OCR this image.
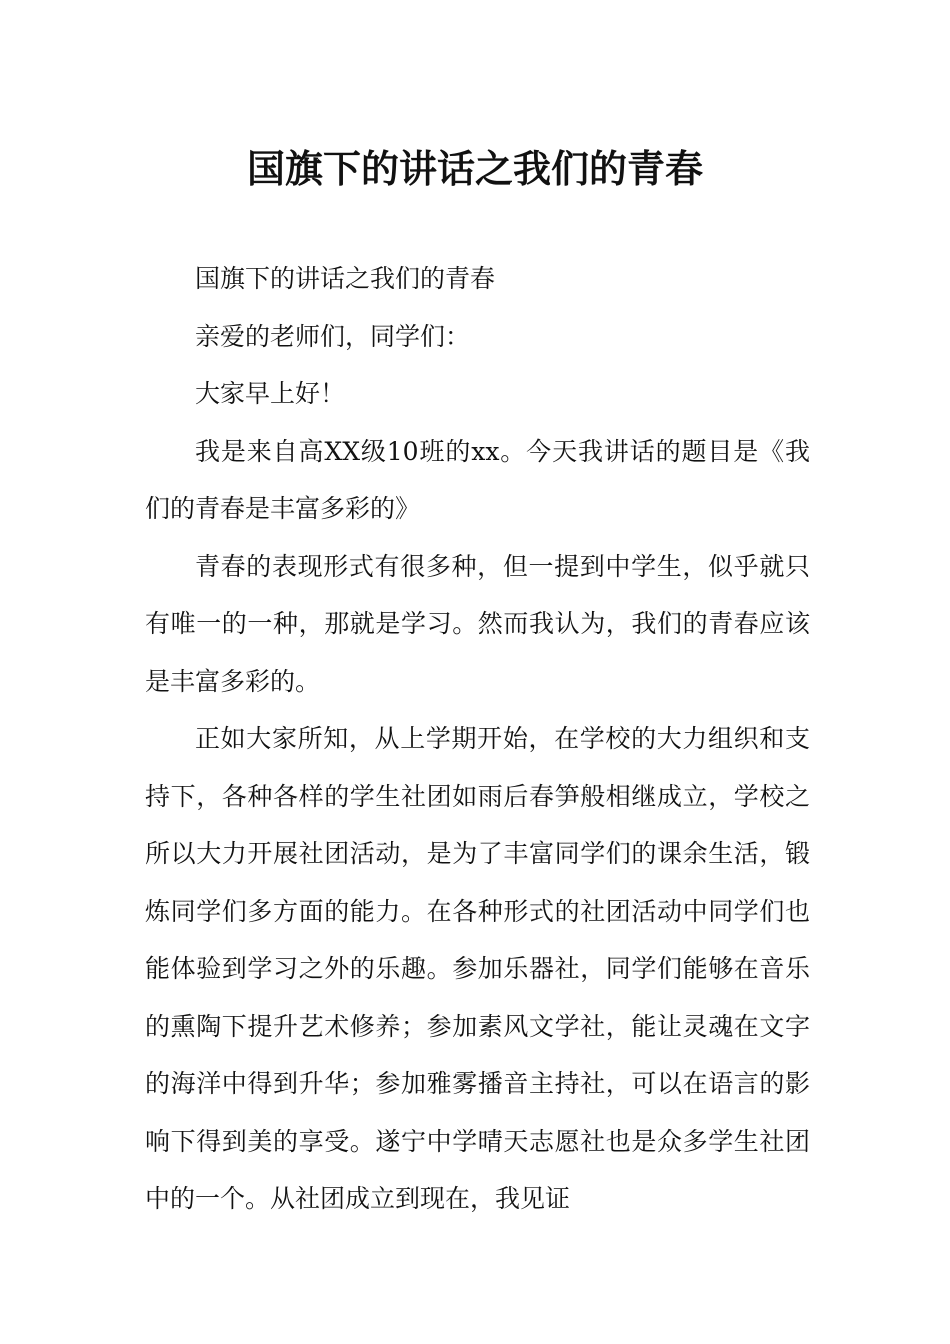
国旗下的讲话之我们的青春

国旗下的讲话之我们的青春

亲爱的老师们，同学们：

大家早上好！

我是来自高XX级10班的xx。今天我讲话的题目是《我们的青春是丰富多彩的》

青春的表现形式有很多种，但一提到中学生，似乎就只有唯一的一种，那就是学习。然而我认为，我们的青春应该是丰富多彩的。

正如大家所知，从上学期开始，在学校的大力组织和支持下，各种各样的学生社团如雨后春笋般相继成立，学校之所以大力开展社团活动，是为了丰富同学们的课余生活，锻炼同学们多方面的能力。在各种形式的社团活动中同学们也能体验到学习之外的乐趣。参加乐器社，同学们能够在音乐的熏陶下提升艺术修养；参加素风文学社，能让灵魂在文字的海洋中得到升华；参加雅雾播音主持社，可以在语言的影响下得到美的享受。遂宁中学晴天志愿社也是众多学生社团中的一个。从社团成立到现在，我见证
